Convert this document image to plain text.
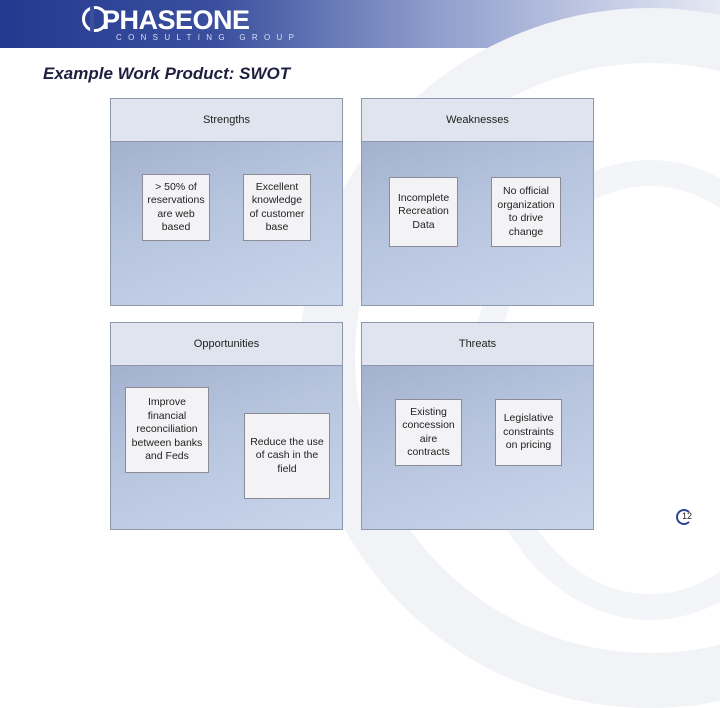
PHASEONE
CONSULTING GROUP
Example Work Product: SWOT
Strengths
> 50% of
reservations
are web
based
Excellent
knowledge
of customer
base
Weaknesses
Incomplete
Recreation
Data
No official
organization
to drive
change
Opportunities
Improve
financial
reconciliation
between banks
and Feds
Reduce the use
of cash in the
field
Threats
Existing
concession
aire
contracts
Legislative
constraints
on pricing
12
